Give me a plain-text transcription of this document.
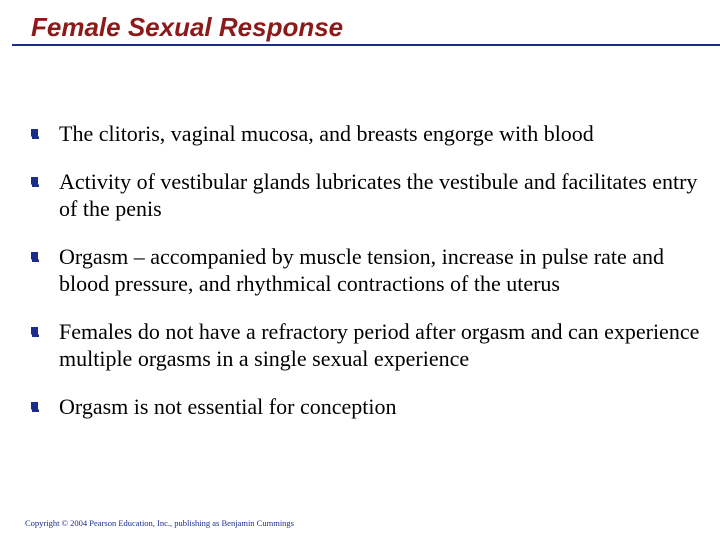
Female Sexual Response
The clitoris, vaginal mucosa, and breasts engorge with blood
Activity of vestibular glands lubricates the vestibule and facilitates entry of the penis
Orgasm – accompanied by muscle tension, increase in pulse rate and blood pressure, and rhythmical contractions of the uterus
Females do not have a refractory period after orgasm and can experience multiple orgasms in a single sexual experience
Orgasm is not essential for conception
Copyright © 2004 Pearson Education, Inc., publishing as Benjamin Cummings
